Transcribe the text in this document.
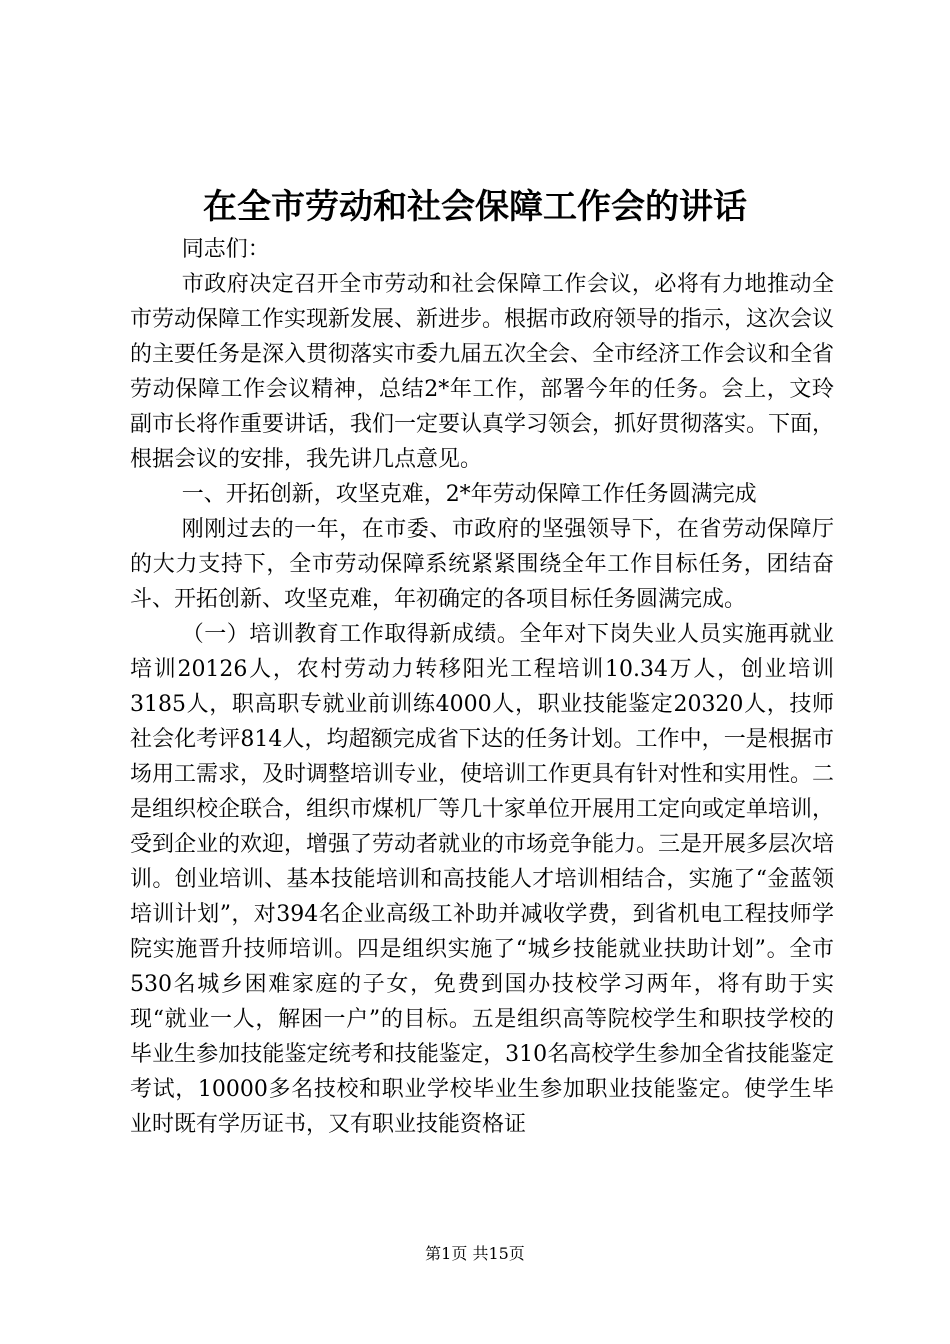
在全市劳动和社会保障工作会的讲话

同志们：

市政府决定召开全市劳动和社会保障工作会议，必将有力地推动全市劳动保障工作实现新发展、新进步。根据市政府领导的指示，这次会议的主要任务是深入贯彻落实市委九届五次全会、全市经济工作会议和全省劳动保障工作会议精神，总结2*年工作，部署今年的任务。会上，文玲副市长将作重要讲话，我们一定要认真学习领会，抓好贯彻落实。下面，根据会议的安排，我先讲几点意见。

一、开拓创新，攻坚克难，2*年劳动保障工作任务圆满完成

刚刚过去的一年，在市委、市政府的坚强领导下，在省劳动保障厅的大力支持下，全市劳动保障系统紧紧围绕全年工作目标任务，团结奋斗、开拓创新、攻坚克难，年初确定的各项目标任务圆满完成。

（一）培训教育工作取得新成绩。全年对下岗失业人员实施再就业培训20126人，农村劳动力转移阳光工程培训10.34万人，创业培训3185人，职高职专就业前训练4000人，职业技能鉴定20320人，技师社会化考评814人，均超额完成省下达的任务计划。工作中，一是根据市场用工需求，及时调整培训专业，使培训工作更具有针对性和实用性。二是组织校企联合，组织市煤机厂等几十家单位开展用工定向或定单培训，受到企业的欢迎，增强了劳动者就业的市场竞争能力。三是开展多层次培训。创业培训、基本技能培训和高技能人才培训相结合，实施了“金蓝领培训计划”，对394名企业高级工补助并减收学费，到省机电工程技师学院实施晋升技师培训。四是组织实施了“城乡技能就业扶助计划”。全市530名城乡困难家庭的子女，免费到国办技校学习两年，将有助于实现“就业一人，解困一户”的目标。五是组织高等院校学生和职技学校的毕业生参加技能鉴定统考和技能鉴定，310名高校学生参加全省技能鉴定考试，10000多名技校和职业学校毕业生参加职业技能鉴定。使学生毕业时既有学历证书，又有职业技能资格证

第1页 共15页
